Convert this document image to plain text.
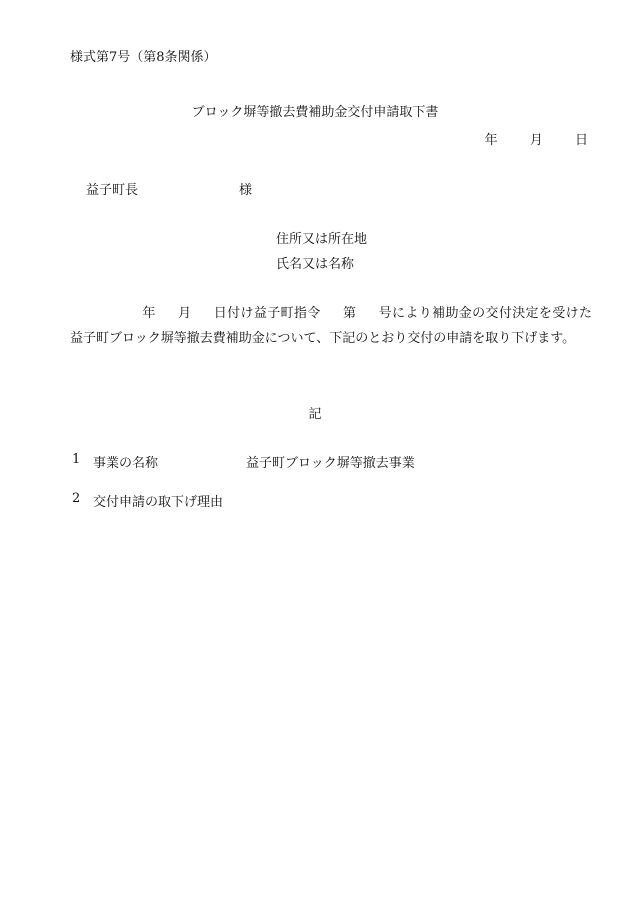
様式第7号（第8条関係）
ブロック塀等撤去費補助金交付申請取下書
年 月 日
益子町長	様
住所又は所在地
氏名又は名称
年 月 日付け益子町指令 第 号により補助金の交付決定を受けた益子町ブロック塀等撤去費補助金について、下記のとおり交付の申請を取り下げます。
記
1 事業の名称	益子町ブロック塀等撤去事業
2 交付申請の取下げ理由
